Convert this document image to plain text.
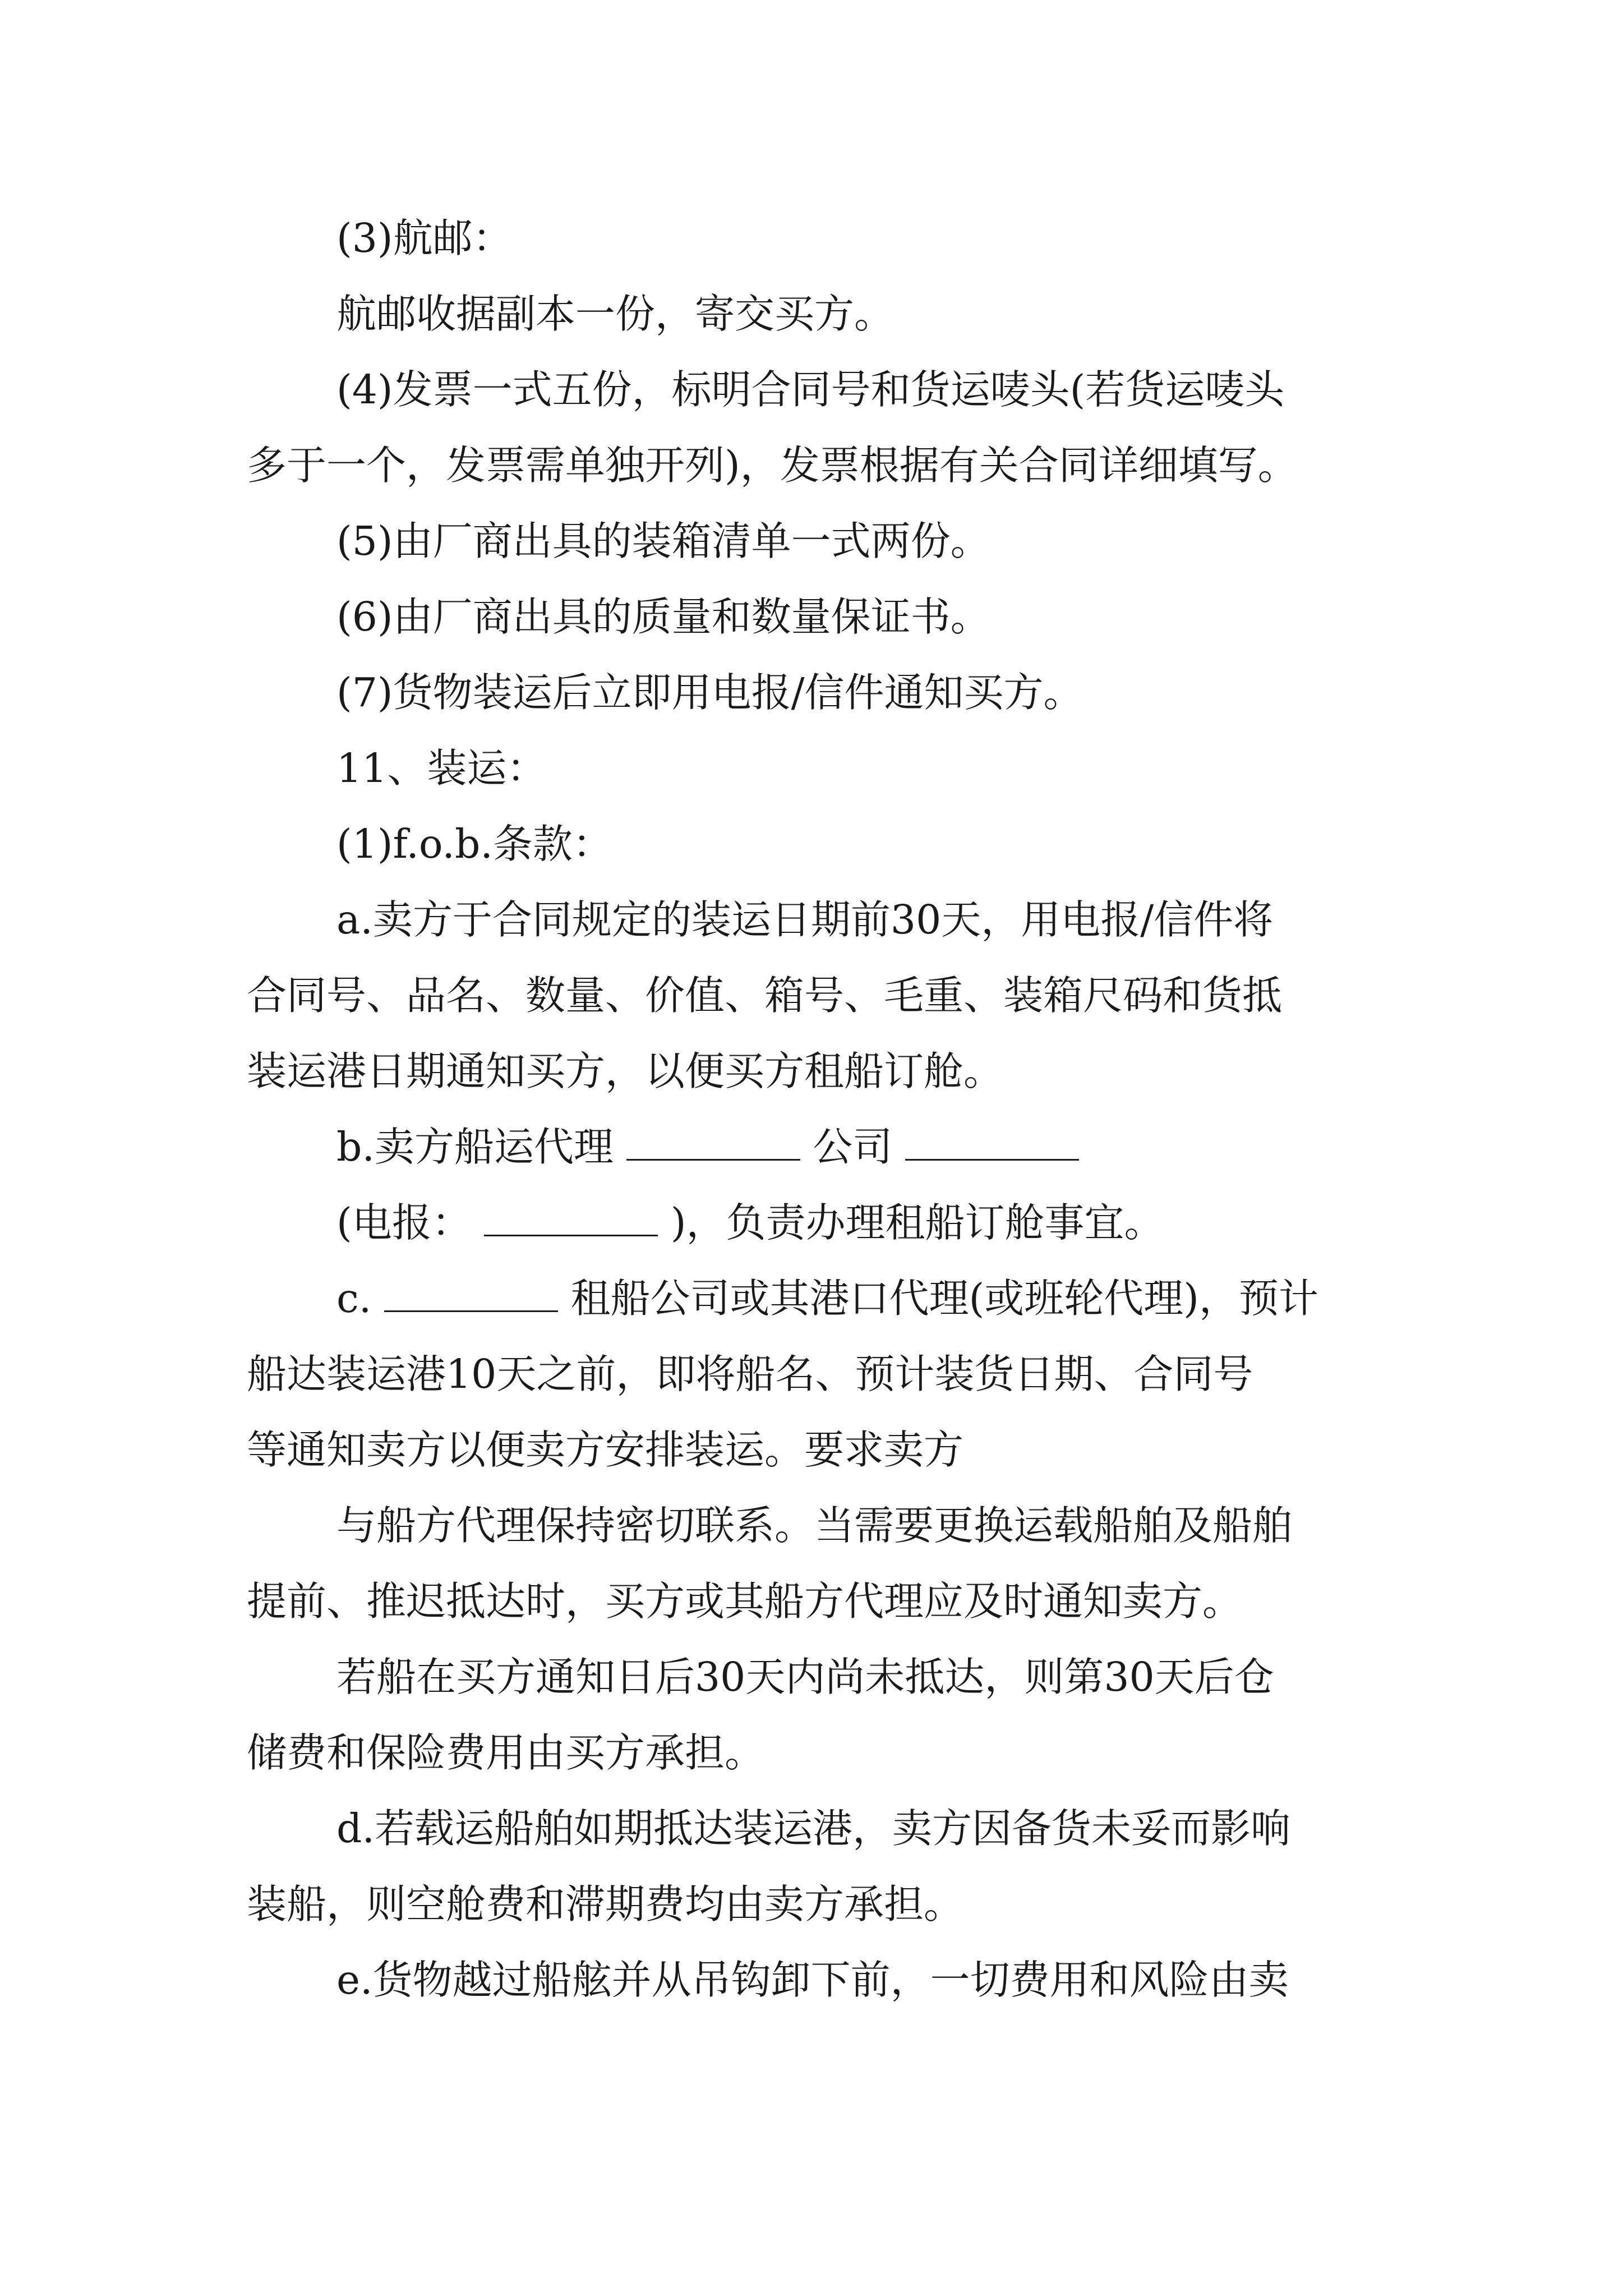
(3)航邮：
航邮收据副本一份，寄交买方。
(4)发票一式五份，标明合同号和货运唛头(若货运唛头
多于一个，发票需单独开列)，发票根据有关合同详细填写。
(5)由厂商出具的装箱清单一式两份。
(6)由厂商出具的质量和数量保证书。
(7)货物装运后立即用电报/信件通知买方。
11、装运：
(1)f.o.b.条款：
a.卖方于合同规定的装运日期前30天，用电报/信件将
合同号、品名、数量、价值、箱号、毛重、装箱尺码和货抵
装运港日期通知买方，以便买方租船订舱。
b.卖方船运代理	公司
(电报：	)，负责办理租船订舱事宜。
c.	租船公司或其港口代理(或班轮代理)，预计
船达装运港10天之前，即将船名、预计装货日期、合同号
等通知卖方以便卖方安排装运。要求卖方
与船方代理保持密切联系。当需要更换运载船舶及船舶
提前、推迟抵达时，买方或其船方代理应及时通知卖方。
若船在买方通知日后30天内尚未抵达，则第30天后仓
储费和保险费用由买方承担。
d.若载运船舶如期抵达装运港，卖方因备货未妥而影响
装船，则空舱费和滞期费均由卖方承担。
e.货物越过船舷并从吊钩卸下前，一切费用和风险由卖
